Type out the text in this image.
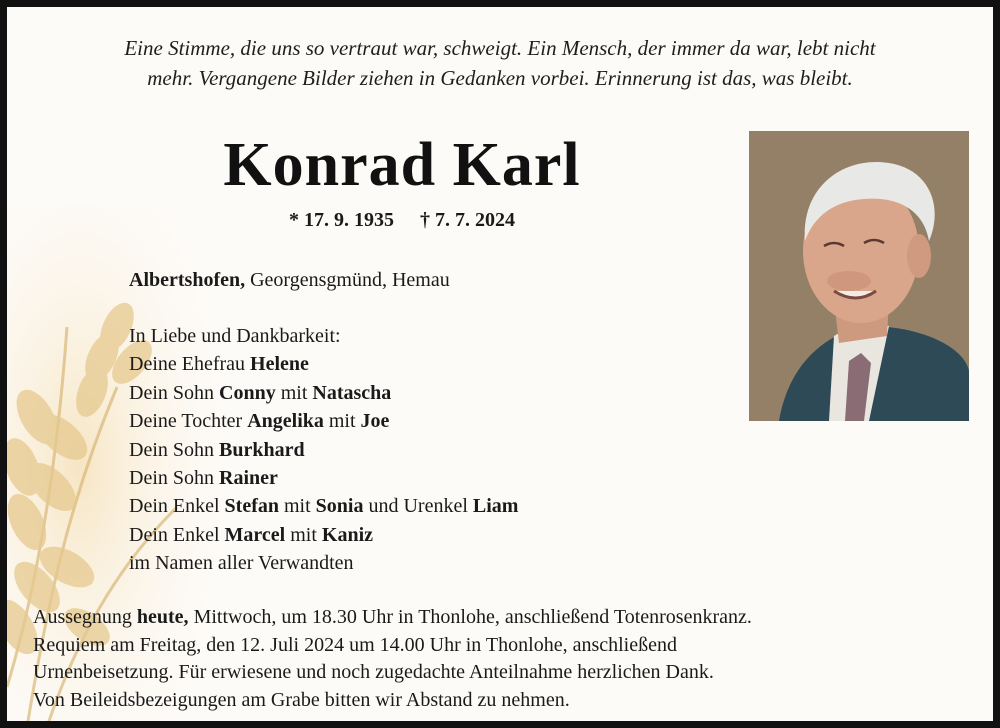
Eine Stimme, die uns so vertraut war, schweigt. Ein Mensch, der immer da war, lebt nicht
mehr. Vergangene Bilder ziehen in Gedanken vorbei. Erinnerung ist das, was bleibt.
Konrad Karl
* 17. 9. 1935 † 7. 7. 2024
Albertshofen, Georgensgmünd, Hemau
In Liebe und Dankbarkeit:
Deine Ehefrau Helene
Dein Sohn Conny mit Natascha
Deine Tochter Angelika mit Joe
Dein Sohn Burkhard
Dein Sohn Rainer
Dein Enkel Stefan mit Sonia und Urenkel Liam
Dein Enkel Marcel mit Kaniz
im Namen aller Verwandten
Aussegnung heute, Mittwoch, um 18.30 Uhr in Thonlohe, anschließend Totenrosenkranz.
Requiem am Freitag, den 12. Juli 2024 um 14.00 Uhr in Thonlohe, anschließend
Urnenbeisetzung. Für erwiesene und noch zugedachte Anteilnahme herzlichen Dank.
Von Beileidsbezeigungen am Grabe bitten wir Abstand zu nehmen.
